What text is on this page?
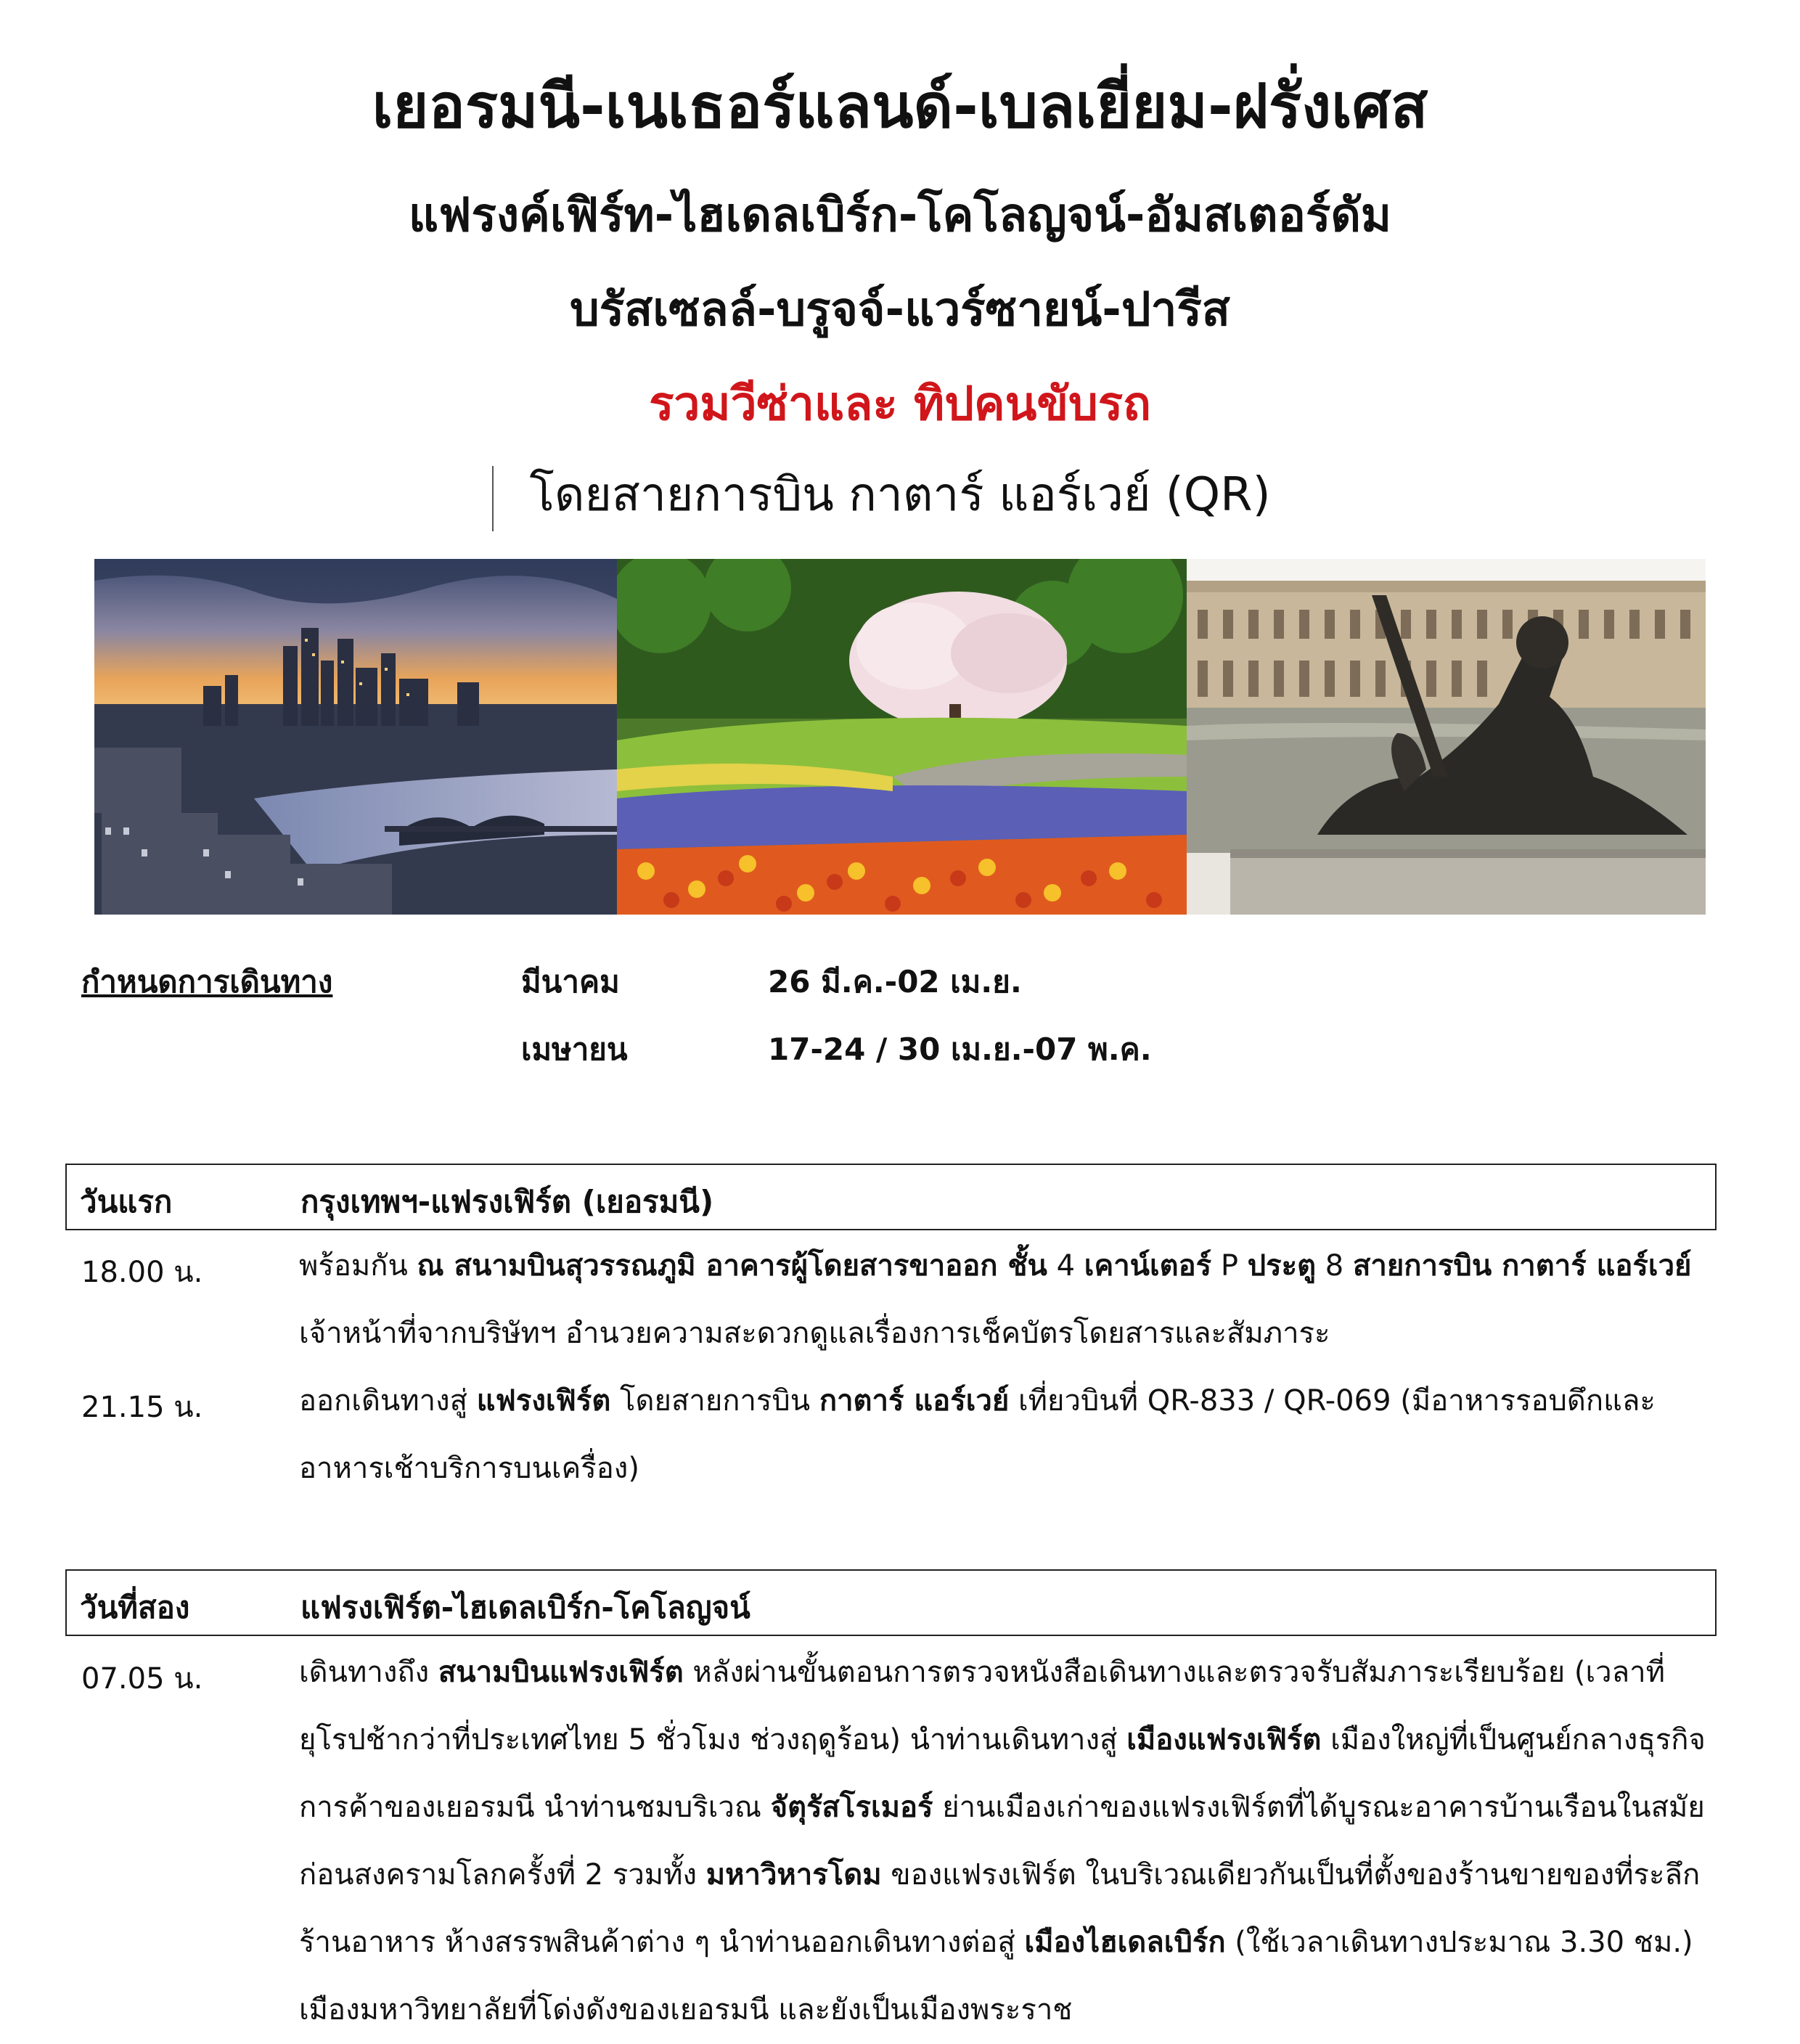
เยอรมนี-เนเธอร์แลนด์-เบลเยี่ยม-ฝรั่งเศส
แฟรงค์เฟิร์ท-ไฮเดลเบิร์ก-โคโลญจน์-อัมสเตอร์ดัม
บรัสเซลล์-บรูจจ์-แวร์ซายน์-ปารีส
รวมวีซ่าและ ทิปคนขับรถ
โดยสายการบิน กาตาร์ แอร์เวย์ (QR)
กำหนดการเดินทาง	มีนาคม	26 มี.ค.-02 เม.ย.
เมษายน	17-24 / 30 เม.ย.-07 พ.ค.
วันแรก	กรุงเทพฯ-แฟรงเฟิร์ต (เยอรมนี)
18.00 น.	พร้อมกัน ณ สนามบินสุวรรณภูมิ อาคารผู้โดยสารขาออก ชั้น 4 เคาน์เตอร์ P ประตู 8 สายการบิน กาตาร์ แอร์เวย์ เจ้าหน้าที่จากบริษัทฯ อำนวยความสะดวกดูแลเรื่องการเช็คบัตรโดยสารและสัมภาระ

21.15 น.	ออกเดินทางสู่ แฟรงเฟิร์ต โดยสายการบิน กาตาร์ แอร์เวย์ เที่ยวบินที่ QR-833 / QR-069 (มีอาหารรอบดึกและอาหารเช้าบริการบนเครื่อง)

วันที่สอง	แฟรงเฟิร์ต-ไฮเดลเบิร์ก-โคโลญจน์
07.05 น.	เดินทางถึง สนามบินแฟรงเฟิร์ต หลังผ่านขั้นตอนการตรวจหนังสือเดินทางและตรวจรับสัมภาระเรียบร้อย (เวลาที่ยุโรปช้ากว่าที่ประเทศไทย 5 ชั่วโมง ช่วงฤดูร้อน) นำท่านเดินทางสู่ เมืองแฟรงเฟิร์ต เมืองใหญ่ที่เป็นศูนย์กลางธุรกิจการค้าของเยอรมนี นำท่านชมบริเวณ จัตุรัสโรเมอร์ ย่านเมืองเก่าของแฟรงเฟิร์ตที่ได้บูรณะอาคารบ้านเรือนในสมัยก่อนสงครามโลกครั้งที่ 2 รวมทั้ง มหาวิหารโดม ของแฟรงเฟิร์ต ในบริเวณเดียวกันเป็นที่ตั้งของร้านขายของที่ระลึก ร้านอาหาร ห้างสรรพสินค้าต่าง ๆ นำท่านออกเดินทางต่อสู่ เมืองไฮเดลเบิร์ก (ใช้เวลาเดินทางประมาณ 3.30 ชม.) เมืองมหาวิทยาลัยที่โด่งดังของเยอรมนี และยังเป็นเมืองพระราช
